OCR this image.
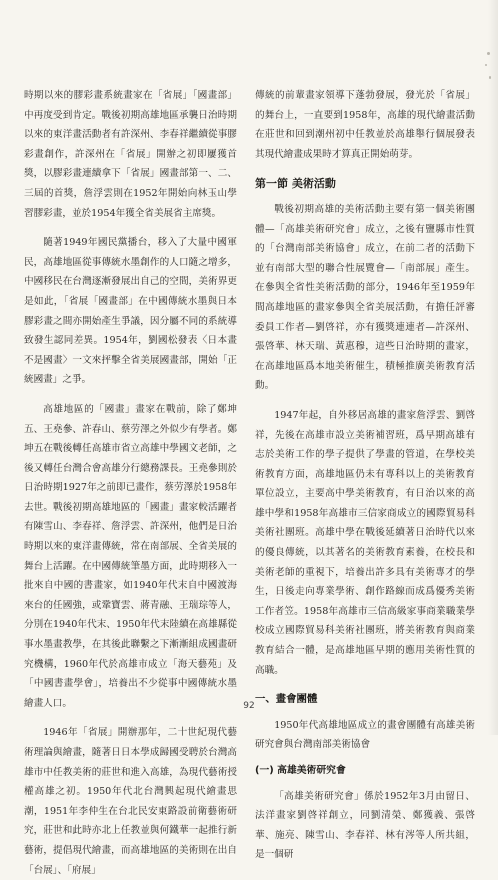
時期以來的膠彩畫系統畫家在「省展」「國畫部」中再度受到肯定。戰後初期高雄地區承襲日治時期以來的東洋畫活動者有許深州、李春祥繼續從事膠彩畫創作，許深州在「省展」開辦之初即屢獲首獎，以膠彩畫連續拿下「省展」國畫部第一、二、三屆的首獎，詹浮雲則在1952年開始向林玉山學習膠彩畫，並於1954年獲全省美展省主席獎。

隨著1949年國民黨播台，移入了大量中國軍民，高雄地區從事傳統水墨創作的人口隨之增多，中國移民在台灣逐漸發展出自己的空間，美術界更是如此，「省展「國畫部」在中國傳統水墨與日本膠彩畫之間亦開始產生爭議，因分屬不同的系統導致發生認同差異。1954年，劉國松發表〈日本畫不是國畫〉一文來抨擊全省美展國畫部，開始「正統國畫」之爭。

高雄地區的「國畫」畫家在戰前，除了鄭坤五、王堯參、許春山、蔡劳澤之外似少有學者。鄭坤五在戰後轉任高雄市省立高雄中學國文老師，之後又轉任台灣合會高雄分行總務課長。王堯參則於日治時期1927年之前即已畫作，蔡劳澤於1958年去世。戰後初期高雄地區的「國畫」畫家較活躍者有陳雪山、李春祥、詹浮雲、許深州，他們是日治時期以來的東洋畫傳統，常在南部展、全省美展的舞台上活躍。在中國傳統筆墨方面，此時期移入一批來自中國的書畫家，如1940年代末自中國渡海來台的任國強，或鞏寶雲、蔣青融、王瑞琮等人，分別在1940年代末、1950年代末陸續在高雄縣從事水墨畫教學，在其後此聯繫之下漸漸組成國畫研究機構，1960年代於高雄市成立「海天藝苑」及「中國書畫學會」，培養出不少從事中國傳統水墨繪畫人口。

1946年「省展」開辦那年，二十世紀現代藝術理論與繪畫，隨著日日本學成歸國受聘於台灣高雄市中任教美術的莊世和進入高雄，為現代藝術授權高雄之初。1950年代北台灣興起現代繪畫思潮，1951年李仲生在台北民安東路設前衛藝術研究，莊世和此時亦北上任教並與何鐵華一起推行新藝術，提倡現代繪畫，而高雄地區的美術則在出自「台展」、「府展」

傳統的前輩畫家領導下蓬勃發展，發光於「省展」的舞台上，一直要到1958年，高雄的現代繪畫活動在莊世和回到潮州初中任教並於高雄舉行個展發表其現代繪畫成果時才算真正開始萌芽。

第一節 美術活動

戰後初期高雄的美術活動主要有第一個美術團體—「高雄美術研究會」成立，之後有鹽縣市性質的「台灣南部美術協會」成立，在前二者的活動下並有南部大型的聯合性展覽會—「南部展」產生。在參與全省性美術活動的部分，1946年至1959年間高雄地區的畫家參與全省美展活動，有擔任評審委員工作者—劉啓祥，亦有獲獎連連者—許深州、張啓華、林天瑞、黃惠穆，這些日治時期的畫家，在高雄地區爲本地美術催生，積極推廣美術教育活動。

1947年起，自外移居高雄的畫家詹浮雲、劉啓祥，先後在高雄市設立美術補習班，爲早期高雄有志於美術工作的學子提供了學畫的管道，在學校美術教育方面，高雄地區仍未有專科以上的美術教育單位設立，主要高中學美術教育，有日治以來的高雄中學和1958年高雄市三信家商成立的國際貿易科美術社團班。高雄中學在戰後延續著日治時代以來的優良傳統，以其著名的美術教育素養，在校長和美術老師的重視下，培養出許多具有美術專才的學生，日後走向專業學術、創作路線而成爲優秀美術工作者笠。1958年高雄市三信高級家事商業職業學校成立國際貿易科美術社團班，將美術教育與商業教育結合一體，是高雄地區早期的應用美術性質的高職。

一、畫會團體

1950年代高雄地區成立的畫會團體有高雄美術研究會與台灣南部美術協會

(一) 高雄美術研究會

「高雄美術研究會」係於1952年3月由留日、法洋畫家劉啓祥創立，同劉清榮、鄭獲義、張啓華、施亮、陳雪山、李春祥、林有涔等人所共組，是一個研

92
